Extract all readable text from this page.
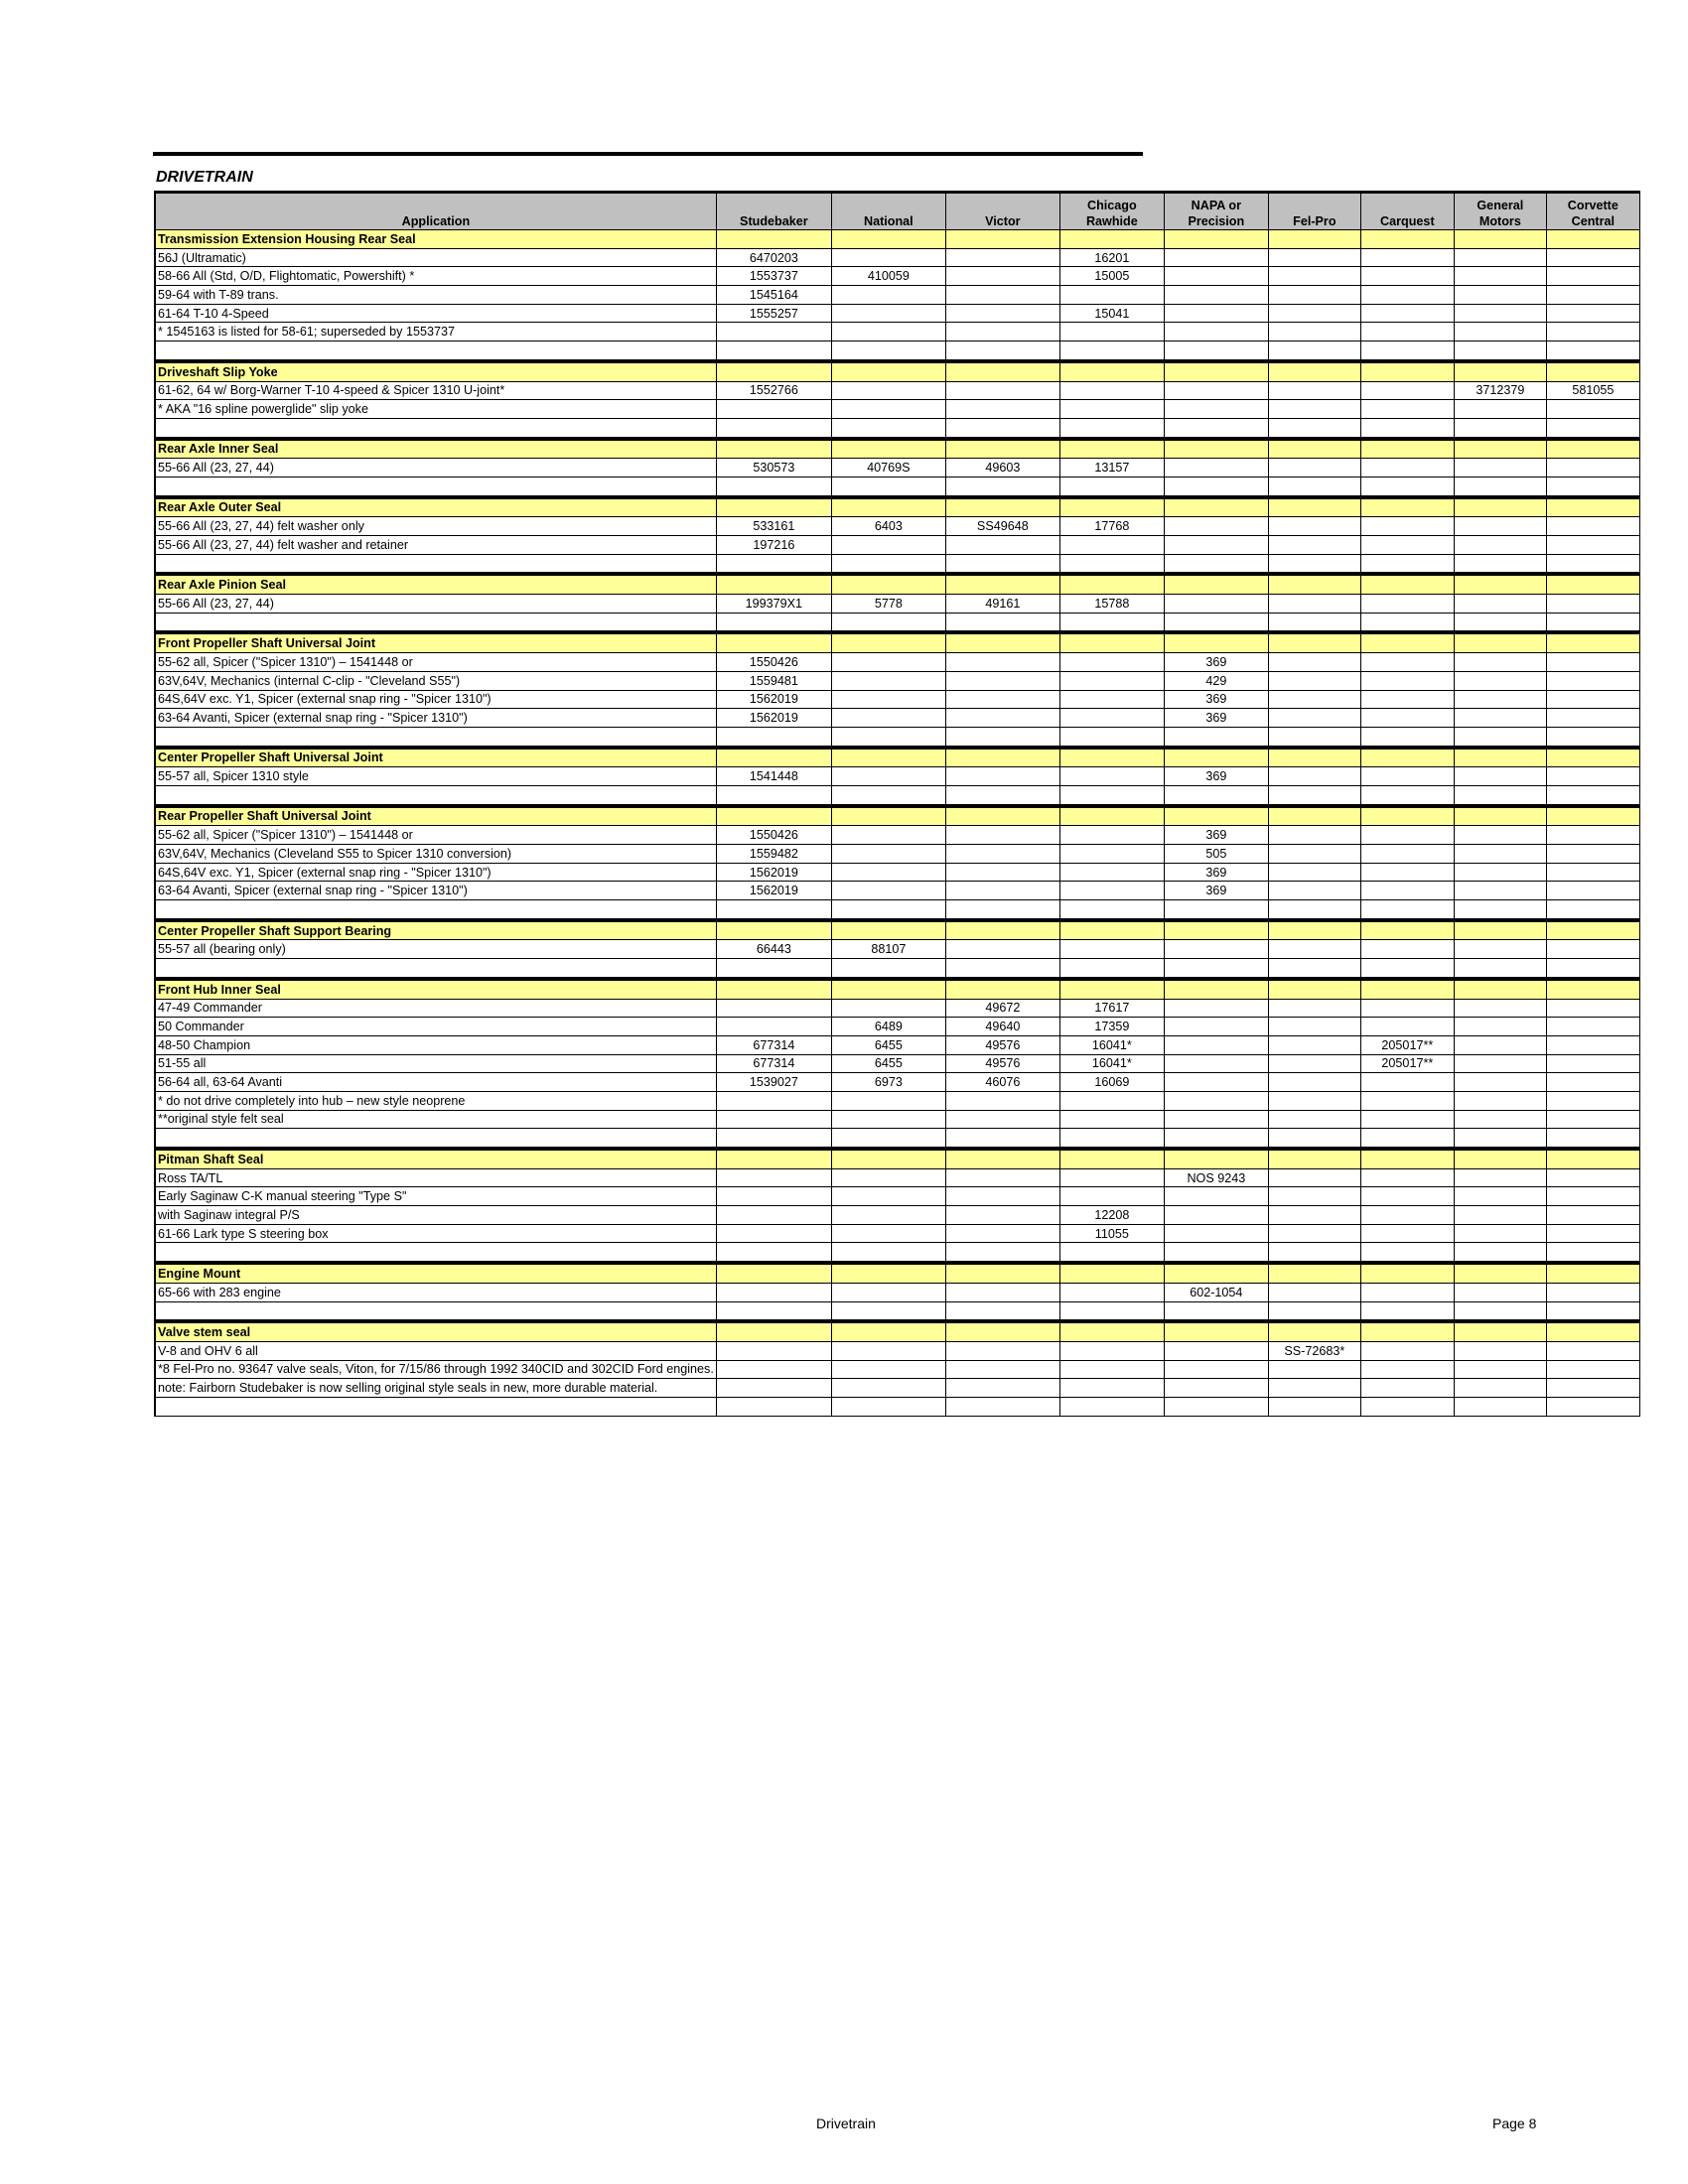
DRIVETRAIN
Application	Studebaker	National	Victor	Chicago Rawhide	NAPA or Precision	Fel-Pro	Carquest	General Motors	Corvette Central
Transmission Extension Housing Rear Seal									
56J (Ultramatic)	6470203			16201					
58-66 All (Std, O/D, Flightomatic, Powershift) *	1553737	410059		15005					
59-64 with T-89 trans.	1545164								
61-64 T-10 4-Speed	1555257			15041					
* 1545163 is listed for 58-61; superseded by 1553737									

Driveshaft Slip Yoke									
61-62, 64 w/ Borg-Warner T-10 4-speed & Spicer 1310 U-joint*	1552766							3712379	581055
* AKA "16 spline powerglide" slip yoke									

Rear Axle Inner Seal									
55-66 All (23, 27, 44)	530573	40769S	49603	13157					

Rear Axle Outer Seal									
55-66 All (23, 27, 44) felt washer only	533161	6403	SS49648	17768					
55-66 All (23, 27, 44) felt washer and retainer	197216								

Rear Axle Pinion Seal									
55-66 All (23, 27, 44)	199379X1	5778	49161	15788					

Front Propeller Shaft Universal Joint									
55-62 all, Spicer ("Spicer 1310") – 1541448 or	1550426				369				
63V,64V, Mechanics (internal C-clip - "Cleveland S55")	1559481				429				
64S,64V exc. Y1, Spicer (external snap ring - "Spicer 1310")	1562019				369				
63-64 Avanti, Spicer (external snap ring - "Spicer 1310")	1562019				369				

Center Propeller Shaft Universal Joint									
55-57 all, Spicer 1310 style	1541448				369				

Rear Propeller Shaft Universal Joint									
55-62 all, Spicer ("Spicer 1310") – 1541448 or	1550426				369				
63V,64V, Mechanics (Cleveland S55 to Spicer 1310 conversion)	1559482				505				
64S,64V exc. Y1, Spicer (external snap ring - "Spicer 1310")	1562019				369				
63-64 Avanti, Spicer (external snap ring - "Spicer 1310")	1562019				369				

Center Propeller Shaft Support Bearing									
55-57 all (bearing only)	66443	88107							

Front Hub Inner Seal									
47-49 Commander			49672	17617					
50 Commander		6489	49640	17359					
48-50 Champion	677314	6455	49576	16041*			205017**		
51-55 all	677314	6455	49576	16041*			205017**		
56-64 all, 63-64 Avanti	1539027	6973	46076	16069					
* do not drive completely into hub – new style neoprene									
**original style felt seal									

Pitman Shaft Seal									
Ross TA/TL					NOS 9243				
Early Saginaw C-K manual steering "Type S"									
with Saginaw integral P/S				12208					
61-66 Lark type S steering box				11055					

Engine Mount									
65-66 with 283 engine					602-1054				

Valve stem seal									
V-8 and OHV 6 all						SS-72683*			
*8 Fel-Pro no. 93647 valve seals, Viton, for 7/15/86 through 1992 340CID and 302CID Ford engines.									
note: Fairborn Studebaker is now selling original style seals in new, more durable material.									

Drivetrain	Page 8
